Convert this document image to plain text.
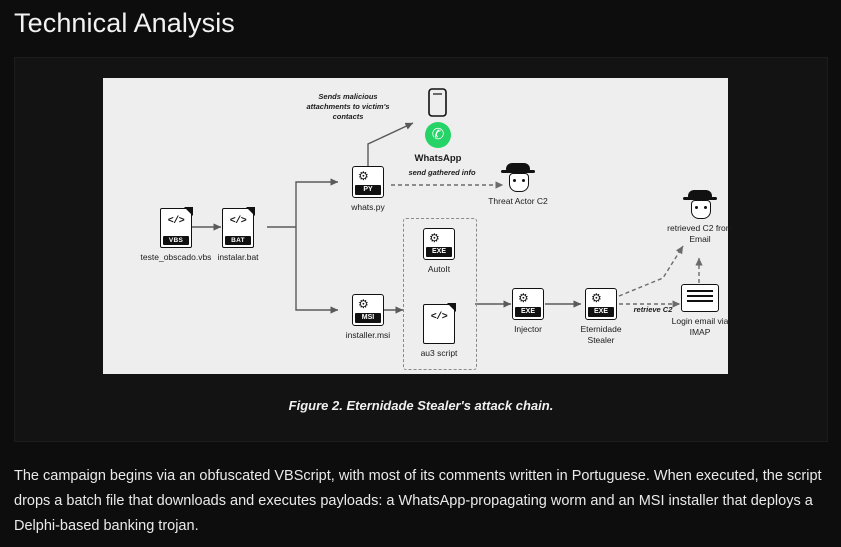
Technical Analysis
</>
VBS
teste_obscado.vbs
</>
BAT
instalar.bat
⚙
PY
whats.py
✆
WhatsApp
Sends malicious attachments to victim's contacts
send gathered info
Threat Actor C2
⚙
MSI
installer.msi
⚙
EXE
AutoIt
</>
au3 script
⚙
EXE
Injector
⚙
EXE
Eternidade Stealer
retrieve C2
Login email via IMAP
retrieved C2 from Email
Figure 2. Eternidade Stealer's attack chain.
The campaign begins via an obfuscated VBScript, with most of its comments written in Portuguese. When executed, the script drops a batch file that downloads and executes payloads: a WhatsApp-propagating worm and an MSI installer that deploys a Delphi-based banking trojan.
